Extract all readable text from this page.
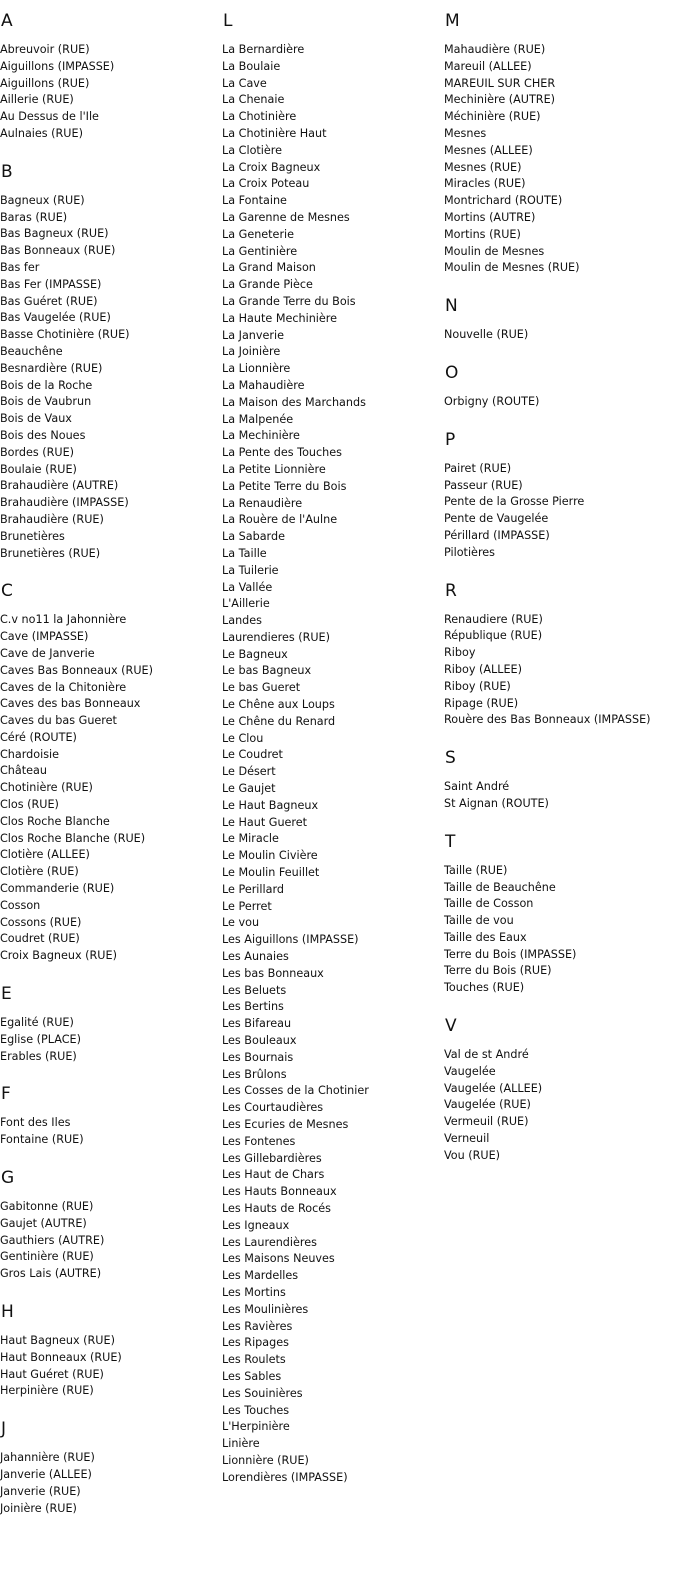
A
Abreuvoir (RUE)
Aiguillons (IMPASSE)
Aiguillons (RUE)
Aillerie (RUE)
Au Dessus de l'Ile
Aulnaies (RUE)
B
Bagneux (RUE)
Baras (RUE)
Bas Bagneux (RUE)
Bas Bonneaux (RUE)
Bas fer
Bas Fer (IMPASSE)
Bas Guéret (RUE)
Bas Vaugelée (RUE)
Basse Chotinière (RUE)
Beauchêne
Besnardière (RUE)
Bois de la Roche
Bois de Vaubrun
Bois de Vaux
Bois des Noues
Bordes (RUE)
Boulaie (RUE)
Brahaudière (AUTRE)
Brahaudière (IMPASSE)
Brahaudière (RUE)
Brunetières
Brunetières (RUE)
C
C.v no11 la Jahonnière
Cave (IMPASSE)
Cave de Janverie
Caves Bas Bonneaux (RUE)
Caves de la Chitonière
Caves des bas Bonneaux
Caves du bas Gueret
Céré (ROUTE)
Chardoisie
Château
Chotinière (RUE)
Clos (RUE)
Clos Roche Blanche
Clos Roche Blanche (RUE)
Clotière (ALLEE)
Clotière (RUE)
Commanderie (RUE)
Cosson
Cossons (RUE)
Coudret (RUE)
Croix Bagneux (RUE)
E
Egalité (RUE)
Eglise (PLACE)
Erables (RUE)
F
Font des Iles
Fontaine (RUE)
G
Gabitonne (RUE)
Gaujet (AUTRE)
Gauthiers (AUTRE)
Gentinière (RUE)
Gros Lais (AUTRE)
H
Haut Bagneux (RUE)
Haut Bonneaux (RUE)
Haut Guéret (RUE)
Herpinière (RUE)
J
Jahannière (RUE)
Janverie (ALLEE)
Janverie (RUE)
Joinière (RUE)
L
La Bernardière
La Boulaie
La Cave
La Chenaie
La Chotinière
La Chotinière Haut
La Clotière
La Croix Bagneux
La Croix Poteau
La Fontaine
La Garenne de Mesnes
La Geneterie
La Gentinière
La Grand Maison
La Grande Pièce
La Grande Terre du Bois
La Haute Mechinière
La Janverie
La Joinière
La Lionnière
La Mahaudière
La Maison des Marchands
La Malpenée
La Mechinière
La Pente des Touches
La Petite Lionnière
La Petite Terre du Bois
La Renaudière
La Rouère de l'Aulne
La Sabarde
La Taille
La Tuilerie
La Vallée
L'Aillerie
Landes
Laurendieres (RUE)
Le Bagneux
Le bas Bagneux
Le bas Gueret
Le Chêne aux Loups
Le Chêne du Renard
Le Clou
Le Coudret
Le Désert
Le Gaujet
Le Haut Bagneux
Le Haut Gueret
Le Miracle
Le Moulin Civière
Le Moulin Feuillet
Le Perillard
Le Perret
Le vou
Les Aiguillons (IMPASSE)
Les Aunaies
Les bas Bonneaux
Les Beluets
Les Bertins
Les Bifareau
Les Bouleaux
Les Bournais
Les Brûlons
Les Cosses de la Chotinier
Les Courtaudières
Les Ecuries de Mesnes
Les Fontenes
Les Gillebardières
Les Haut de Chars
Les Hauts Bonneaux
Les Hauts de Rocés
Les Igneaux
Les Laurendières
Les Maisons Neuves
Les Mardelles
Les Mortins
Les Moulinières
Les Ravières
Les Ripages
Les Roulets
Les Sables
Les Souinières
Les Touches
L'Herpinière
Linière
Lionnière (RUE)
Lorendières (IMPASSE)
M
Mahaudière (RUE)
Mareuil (ALLEE)
MAREUIL SUR CHER
Mechinière (AUTRE)
Méchinière (RUE)
Mesnes
Mesnes (ALLEE)
Mesnes (RUE)
Miracles (RUE)
Montrichard (ROUTE)
Mortins (AUTRE)
Mortins (RUE)
Moulin de Mesnes
Moulin de Mesnes (RUE)
N
Nouvelle (RUE)
O
Orbigny (ROUTE)
P
Pairet (RUE)
Passeur (RUE)
Pente de la Grosse Pierre
Pente de Vaugelée
Périllard (IMPASSE)
Pilotières
R
Renaudiere (RUE)
République (RUE)
Riboy
Riboy (ALLEE)
Riboy (RUE)
Ripage (RUE)
Rouère des Bas Bonneaux (IMPASSE)
S
Saint André
St Aignan (ROUTE)
T
Taille (RUE)
Taille de Beauchêne
Taille de Cosson
Taille de vou
Taille des Eaux
Terre du Bois (IMPASSE)
Terre du Bois (RUE)
Touches (RUE)
V
Val de st André
Vaugelée
Vaugelée (ALLEE)
Vaugelée (RUE)
Vermeuil (RUE)
Verneuil
Vou (RUE)
